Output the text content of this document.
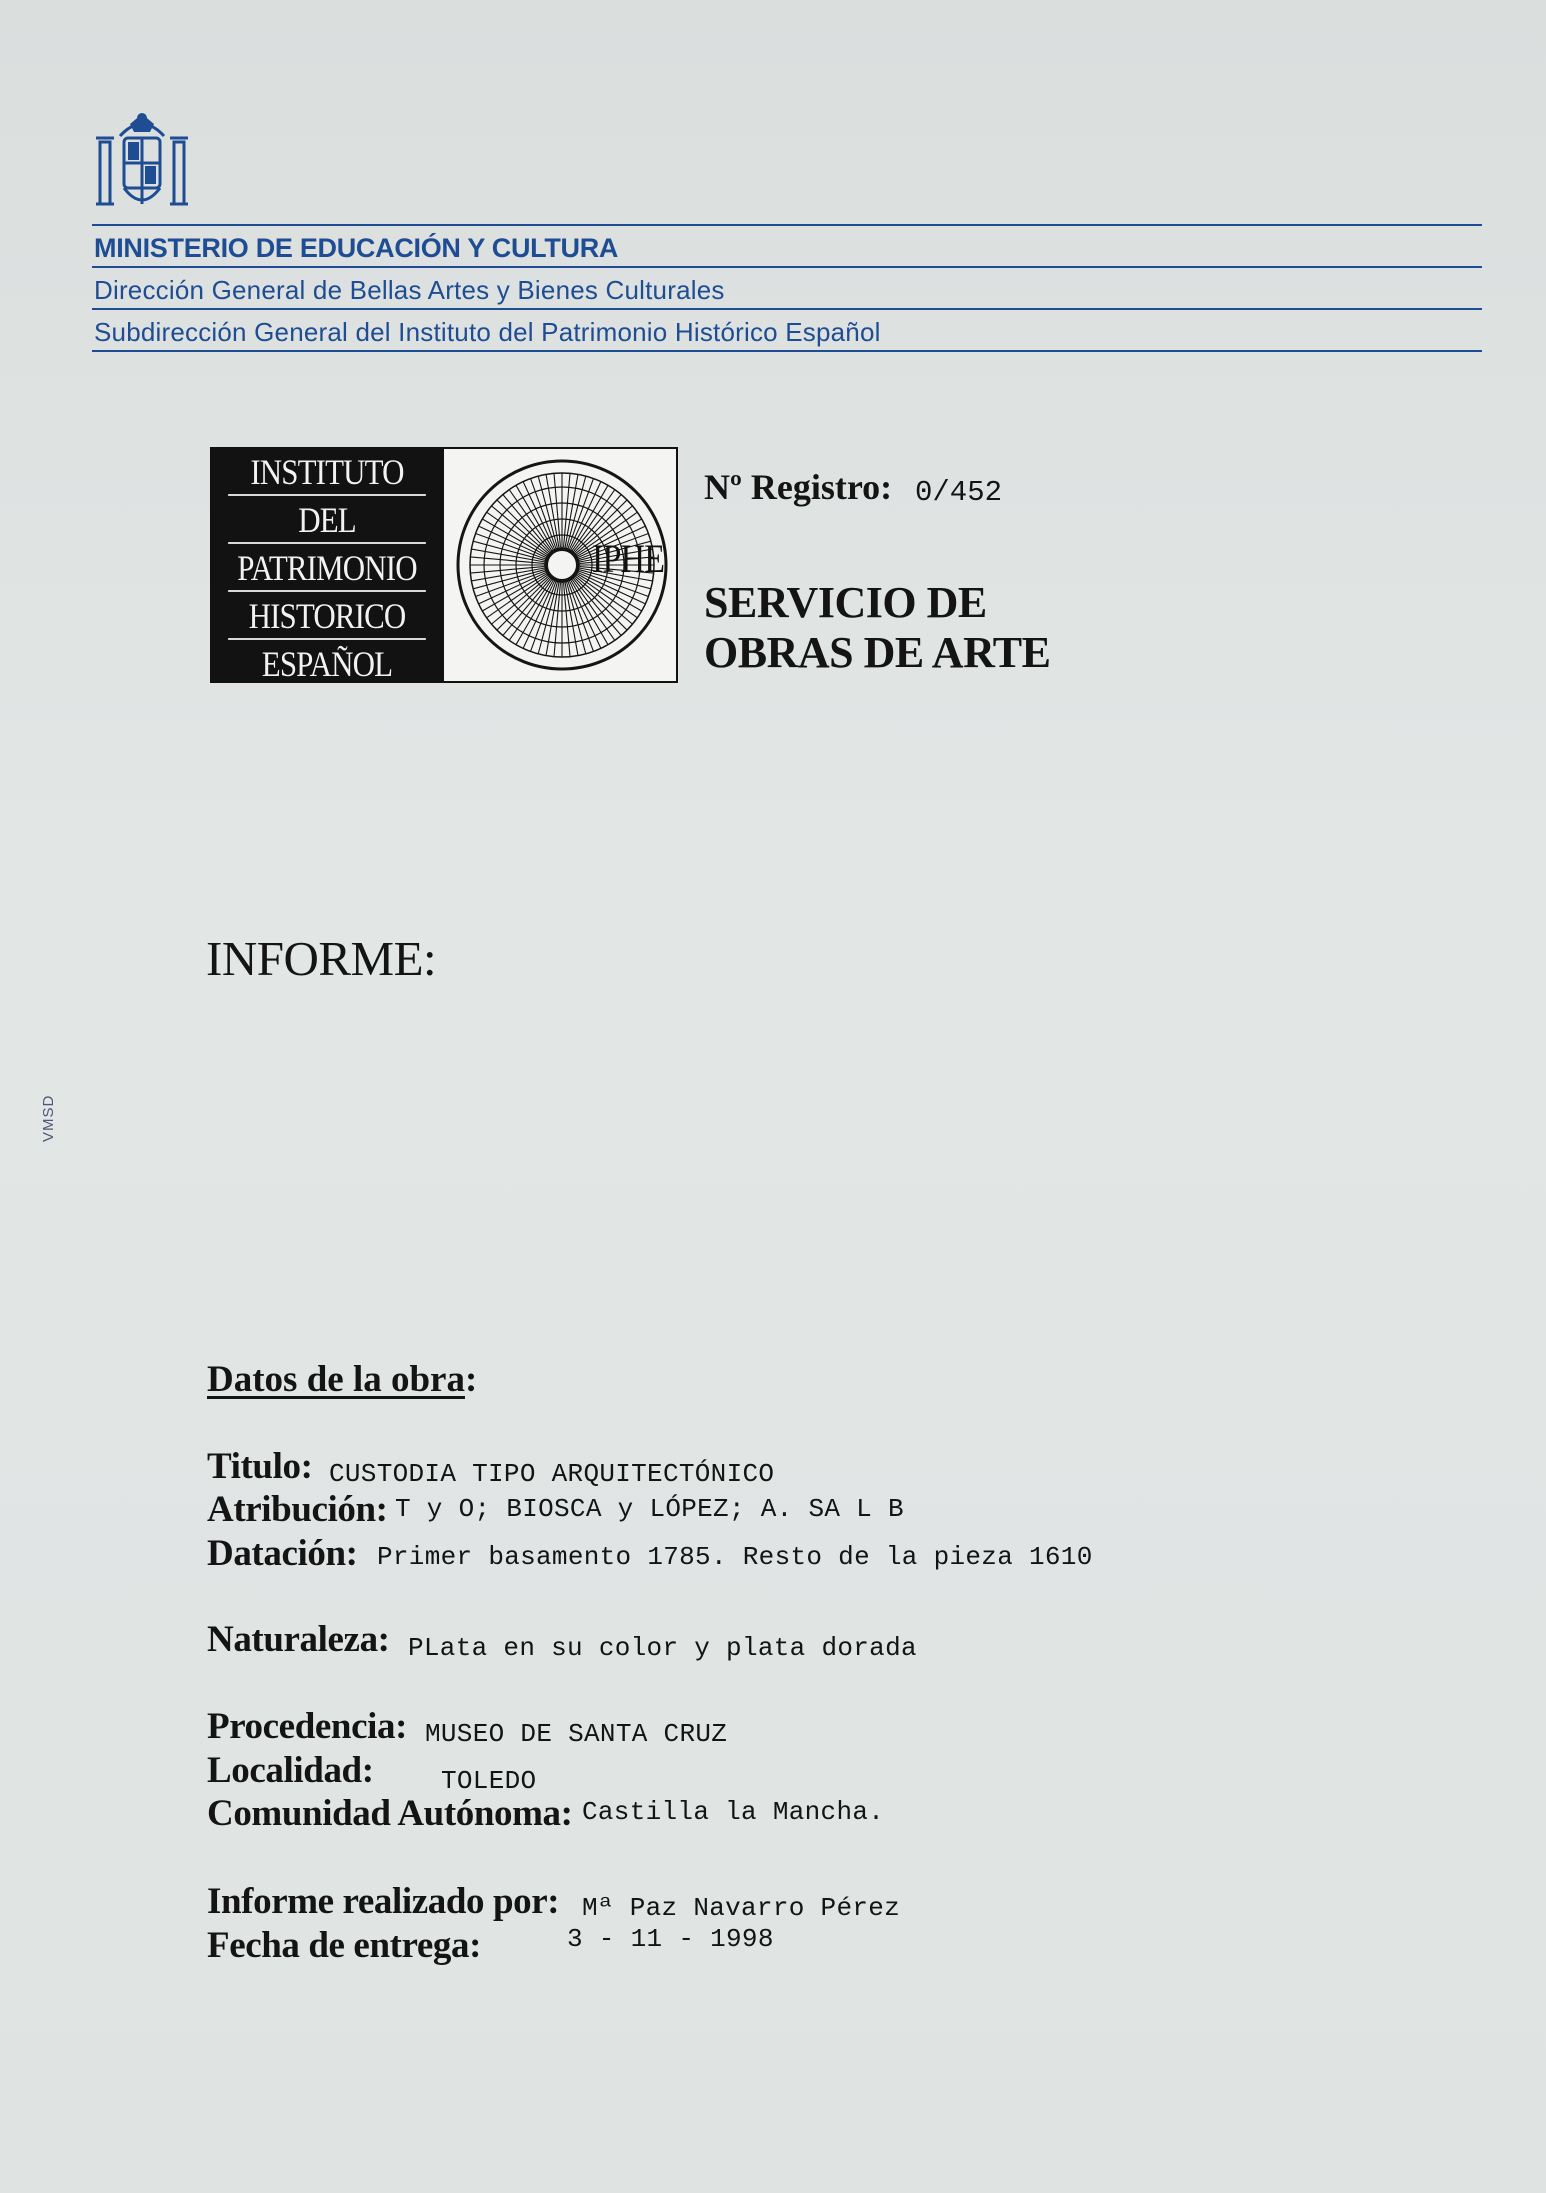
MINISTERIO DE EDUCACIÓN Y CULTURA
Dirección General de Bellas Artes y Bienes Culturales
Subdirección General del Instituto del Patrimonio Histórico Español
INSTITUTO
DEL
PATRIMONIO
HISTORICO
ESPAÑOL
IPHE
Nº Registro: 0/452
SERVICIO DE
OBRAS DE ARTE
INFORME:
VMSD
Datos de la obra:
Titulo: CUSTODIA TIPO ARQUITECTÓNICO
Atribución: T y O; BIOSCA y LÓPEZ; A. SA L B
Datación: Primer basamento 1785. Resto de la pieza 1610
Naturaleza: PLata en su color y plata dorada
Procedencia: MUSEO DE SANTA CRUZ
Localidad:	TOLEDO
Comunidad Autónoma: Castilla la Mancha.
Informe realizado por: Mª Paz Navarro Pérez
Fecha de entrega:	3 - 11 - 1998
